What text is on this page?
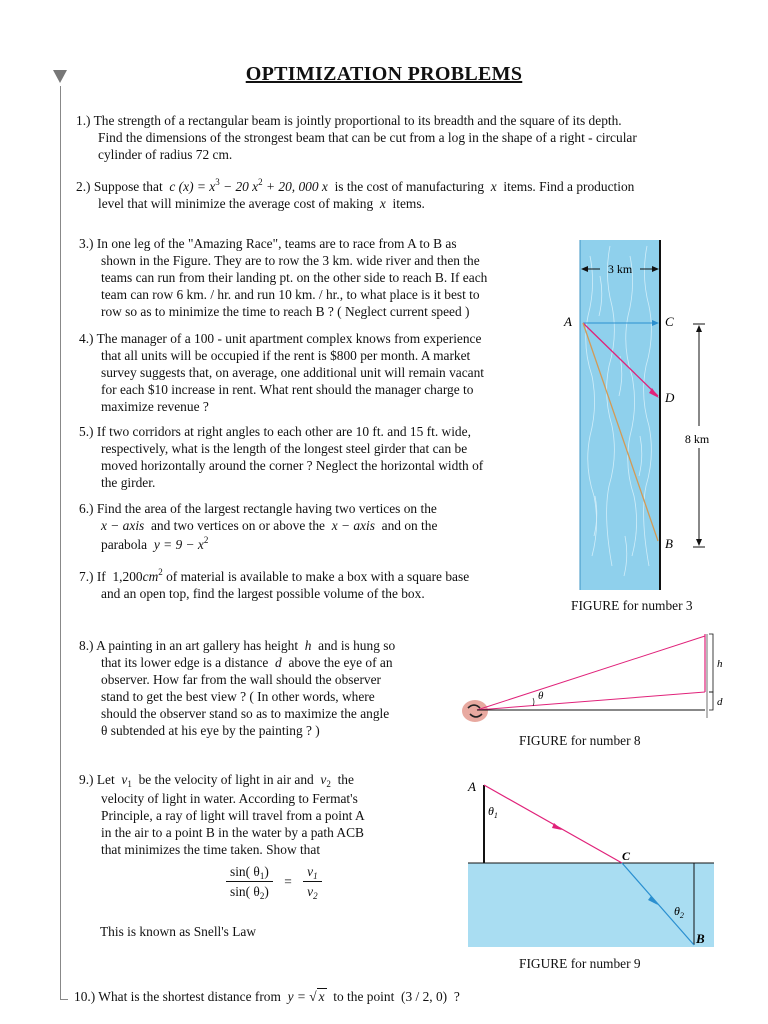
OPTIMIZATION PROBLEMS
1.) The strength of a rectangular beam is jointly proportional to its breadth and the square of its depth.
Find the dimensions of the strongest beam that can be cut from a log in the shape of a right - circular
cylinder of radius 72 cm.
2.) Suppose that c $(x) = x^3 - 20$ $x^2 + 20$, 000 x is the cost of manufacturing x items. Find a production
level that will minimize the average cost of making x items.
3.) In one leg of the "Amazing Race", teams are to race from A to B as
shown in the Figure. They are to row the 3 km. wide river and then the
teams can run from their landing pt. on the other side to reach B. If each
team can row 6 km. / hr. and run 10 km. / hr., to what place is it best to
row so as to minimize the time to reach B ? ( Neglect current speed )
4.) The manager of a 100 - unit apartment complex knows from experience
that all units will be occupied if the rent is $800 per month. A market
survey suggests that, on average, one additional unit will remain vacant
for each $10 increase in rent. What rent should the manager charge to
maximize revenue ?
5.) If two corridors at right angles to each other are 10 ft. and 15 ft. wide,
respectively, what is the length of the longest steel girder that can be
moved horizontally around the corner ? Neglect the horizontal width of
the girder.
6.) Find the area of the largest rectangle having two vertices on the
x − axis and two vertices on or above the x − axis and on the
parabola $y = 9 - x^2$
7.) If $1,200cm^2$ of material is available to make a box with a square base
and an open top, find the largest possible volume of the box.
8.) A painting in an art gallery has height h and is hung so
that its lower edge is a distance d above the eye of an
observer. How far from the wall should the observer
stand to get the best view ? ( In other words, where
should the observer stand so as to maximize the angle
θ subtended at his eye by the painting ? )
9.) Let $v_1$ be the velocity of light in air and $v_2$ the
velocity of light in water. According to Fermat's
Principle, a ray of light will travel from a point A
in the air to a point B in the water by a path ACB
that minimizes the time taken. Show that
$\frac{\sin( \theta_1)}{\sin( \theta_2)} = \frac{v_1}{v_2}$
This is known as Snell's Law
10.) What is the shortest distance from y = √ x to the point (3 / 2, 0) ?
3 km
8 km
A	C
D
B
FIGURE for number 3
θ
h
d
FIGURE for number 8
A
C
B
$\theta_1$
$\theta_2$
FIGURE for number 9
